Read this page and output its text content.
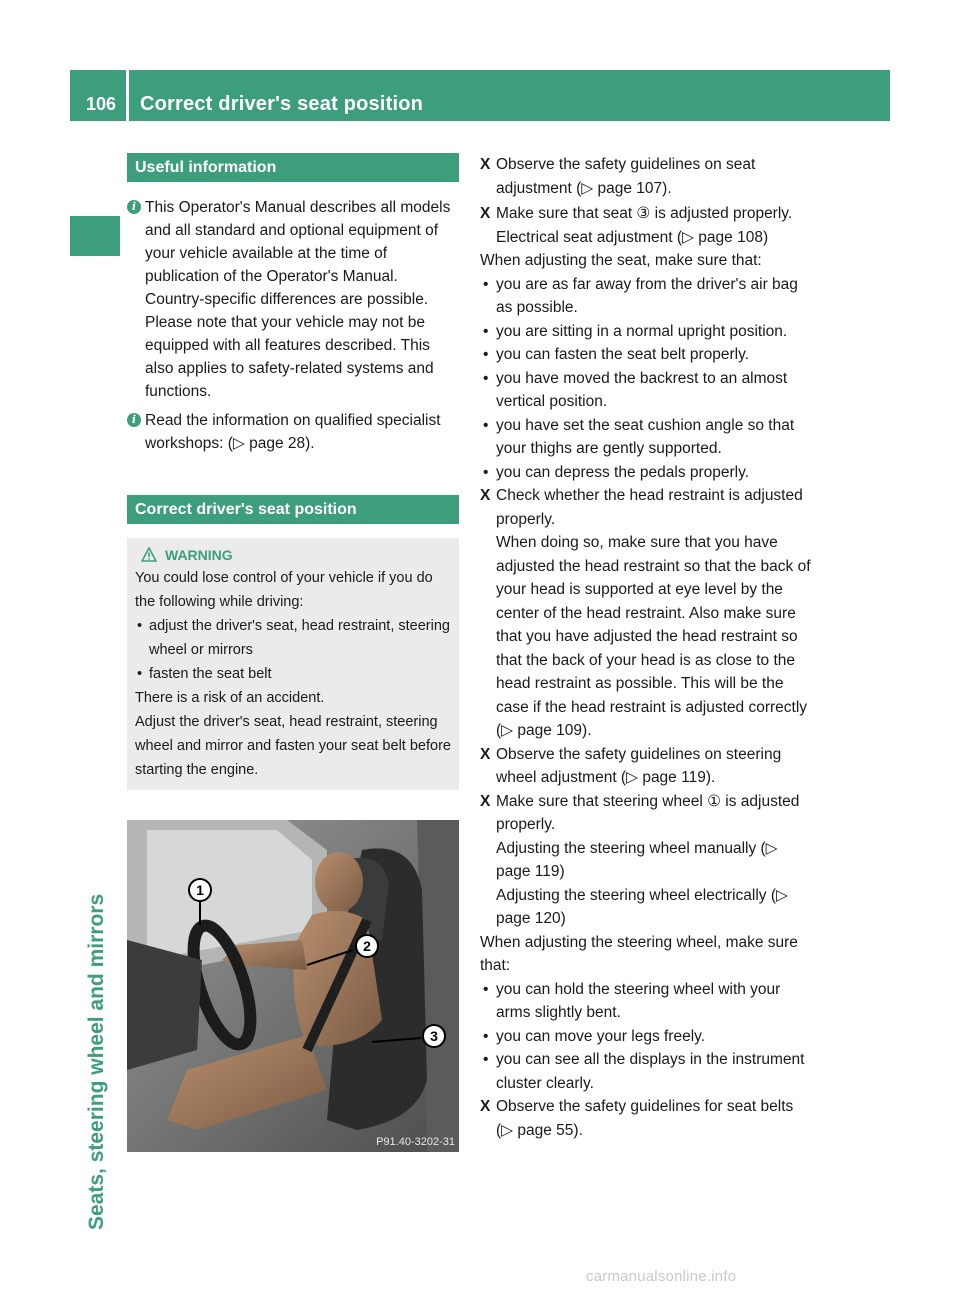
106	Correct driver's seat position
Seats, steering wheel and mirrors
Useful information
i This Operator's Manual describes all models and all standard and optional equipment of your vehicle available at the time of publication of the Operator's Manual. Country-specific differences are possible. Please note that your vehicle may not be equipped with all features described. This also applies to safety-related systems and functions.

i Read the information on qualified specialist workshops: (▷ page 28).

Correct driver's seat position
WARNING

You could lose control of your vehicle if you do the following while driving:

• adjust the driver's seat, head restraint, steering wheel or mirrors
• fasten the seat belt

There is a risk of an accident.

Adjust the driver's seat, head restraint, steering wheel and mirror and fasten your seat belt before starting the engine.

1
2
3
P91.40-3202-31
X Observe the safety guidelines on seat adjustment (▷ page 107).
X Make sure that seat ③ is adjusted properly.
Electrical seat adjustment (▷ page 108)
When adjusting the seat, make sure that:
• you are as far away from the driver's air bag as possible.
• you are sitting in a normal upright position.
• you can fasten the seat belt properly.
• you have moved the backrest to an almost vertical position.
• you have set the seat cushion angle so that your thighs are gently supported.
• you can depress the pedals properly.
X Check whether the head restraint is adjusted properly.
When doing so, make sure that you have adjusted the head restraint so that the back of your head is supported at eye level by the center of the head restraint. Also make sure that you have adjusted the head restraint so that the back of your head is as close to the head restraint as possible. This will be the case if the head restraint is adjusted correctly (▷ page 109).
X Observe the safety guidelines on steering wheel adjustment (▷ page 119).
X Make sure that steering wheel ① is adjusted properly.
Adjusting the steering wheel manually (▷ page 119)
Adjusting the steering wheel electrically (▷ page 120)
When adjusting the steering wheel, make sure that:
• you can hold the steering wheel with your arms slightly bent.
• you can move your legs freely.
• you can see all the displays in the instrument cluster clearly.
X Observe the safety guidelines for seat belts (▷ page 55).
carmanualsonline.info
